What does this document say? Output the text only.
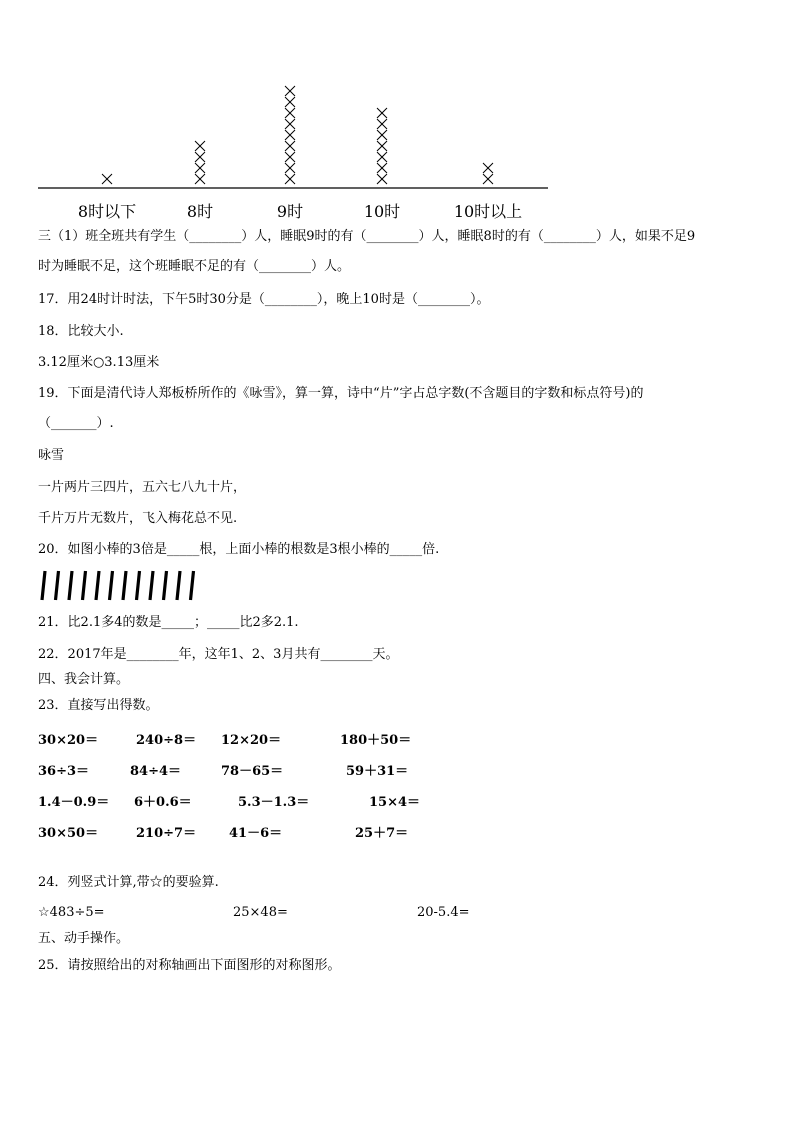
8时以下	8时	9时	10时	10时以上
三（1）班全班共有学生（________）人，睡眠9时的有（________）人，睡眠8时的有（________）人，如果不足9
时为睡眠不足，这个班睡眠不足的有（________）人。
17．用24时计时法，下午5时30分是（________），晚上10时是（________）。
18．比较大小.
3.12厘米○3.13厘米
19．下面是清代诗人郑板桥所作的《咏雪》，算一算，诗中“片”字占总字数(不含题目的字数和标点符号)的
（_______）.
咏雪
一片两片三四片，五六七八九十片，
千片万片无数片，飞入梅花总不见.
20．如图小棒的3倍是_____根，上面小棒的根数是3根小棒的_____倍.
21．比2.1多4的数是_____；_____比2多2.1.
22．2017年是________年，这年1、2、3月共有________天。
四、我会计算。
23．直接写出得数。
30×20＝	240÷8＝ 12×20＝	180＋50＝
36÷3＝	84÷4＝	78－65＝	59＋31＝
1.4－0.9＝ 6＋0.6＝	5.3－1.3＝	15×4＝
30×50＝	210÷7＝	41－6＝	25＋7＝
24．列竖式计算,带☆的要验算.
☆483÷5=	25×48=	20-5.4=
五、动手操作。
25．请按照给出的对称轴画出下面图形的对称图形。
